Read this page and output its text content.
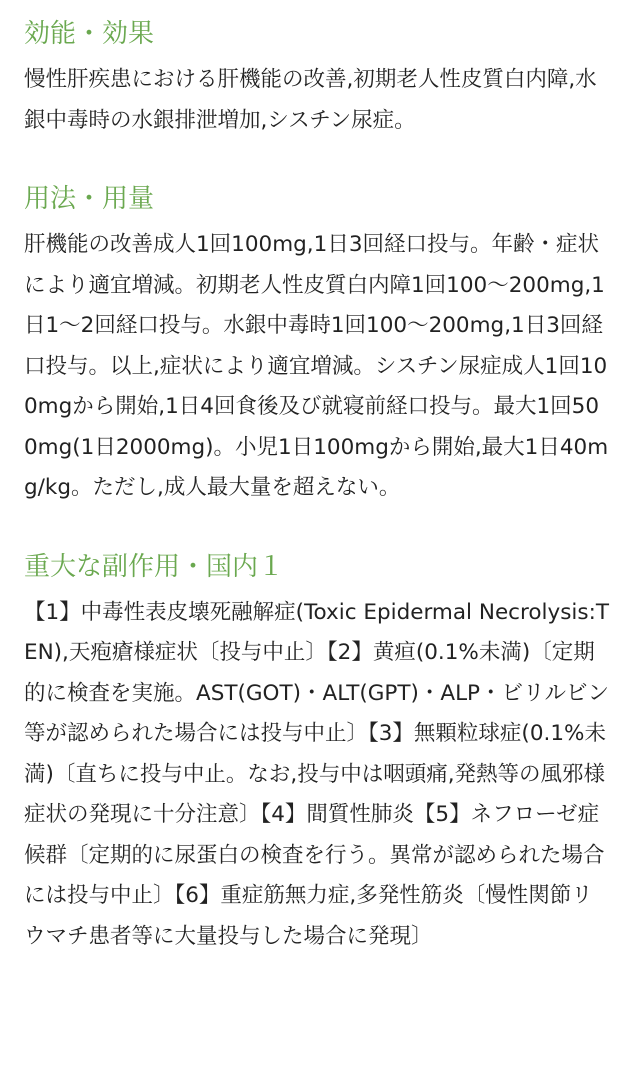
効能・効果

慢性肝疾患における肝機能の改善,初期老人性皮質白内障,水銀中毒時の水銀排泄増加,シスチン尿症。

用法・用量

肝機能の改善成人1回100mg,1日3回経口投与。年齢・症状により適宜増減。初期老人性皮質白内障1回100〜200mg,1日1〜2回経口投与。水銀中毒時1回100〜200mg,1日3回経口投与。以上,症状により適宜増減。シスチン尿症成人1回100mgから開始,1日4回食後及び就寝前経口投与。最大1回500mg(1日2000mg)。小児1日100mgから開始,最大1日40mg/kg。ただし,成人最大量を超えない。

重大な副作用・国内１

【1】中毒性表皮壊死融解症(Toxic Epidermal Necrolysis:TEN),天疱瘡様症状〔投与中止〕【2】黄疸(0.1%未満)〔定期的に検査を実施。AST(GOT)・ALT(GPT)・ALP・ビリルビン等が認められた場合には投与中止〕【3】無顆粒球症(0.1%未満)〔直ちに投与中止。なお,投与中は咽頭痛,発熱等の風邪様症状の発現に十分注意〕【4】間質性肺炎【5】ネフローゼ症候群〔定期的に尿蛋白の検査を行う。異常が認められた場合には投与中止〕【6】重症筋無力症,多発性筋炎〔慢性関節リウマチ患者等に大量投与した場合に発現〕
